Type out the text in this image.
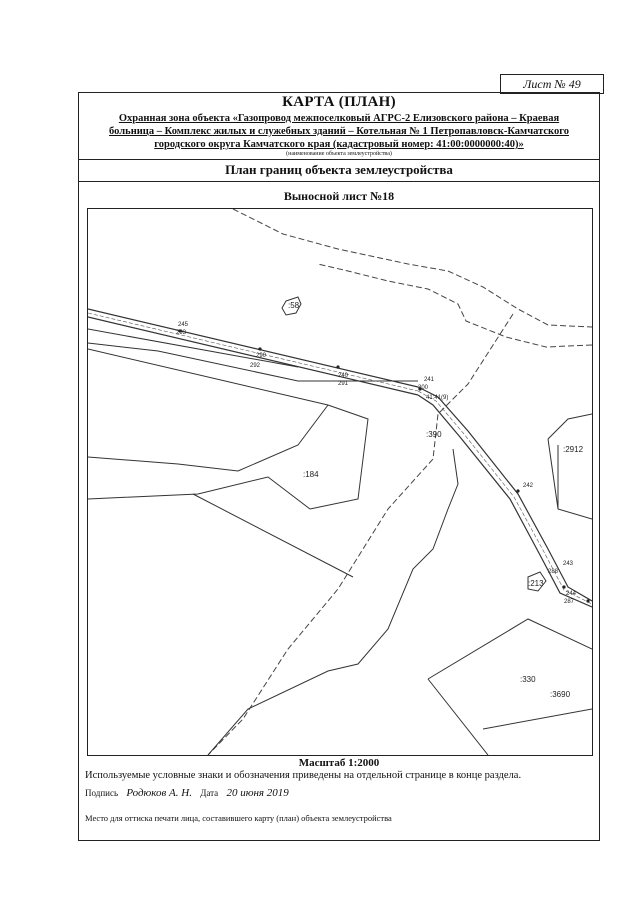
Лист № 49
КАРТА (ПЛАН)
Охранная зона объекта «Газопровод межпоселковый АГРС-2 Елизовского района – Краевая
больница – Комплекс жилых и служебных зданий – Котельная № 1 Петропавловск-Камчатского
городского округа Камчатского края (кадастровый номер: 41:00:0000000:40)»
(наименование объекта землеустройства)
План границ объекта землеустройства
Выносной лист №18
:58
:184
:390
:2912
:213
:330
:3690
245
293
290
292
240
291
241
300
41:41(9)
242
243
288
244
287
Масштаб 1:2000
Используемые условные знаки и обозначения приведены на отдельной странице в конце раздела.
Подпись Родюков А. Н. Дата 20 июня 2019
Место для оттиска печати лица, составившего карту (план) объекта землеустройства
